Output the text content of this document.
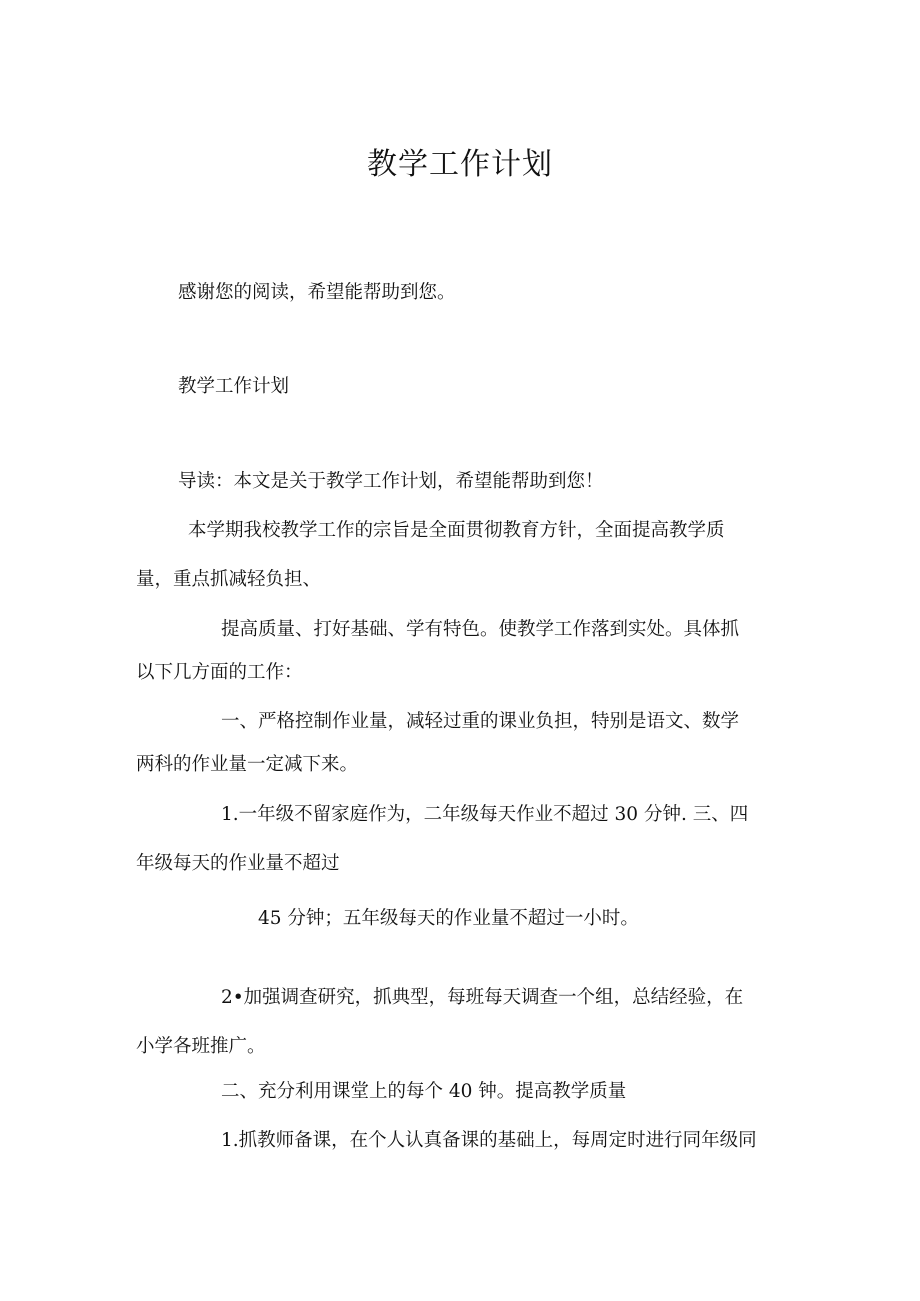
教学工作计划
感谢您的阅读，希望能帮助到您。
教学工作计划
导读：本文是关于教学工作计划，希望能帮助到您！
本学期我校教学工作的宗旨是全面贯彻教育方针，全面提高教学质
量，重点抓减轻负担、
提高质量、打好基础、学有特色。使教学工作落到实处。具体抓
以下几方面的工作：
一、严格控制作业量，减轻过重的课业负担，特别是语文、数学
两科的作业量一定减下来。
1.一年级不留家庭作为，二年级每天作业不超过 30 分钟. 三、四
年级每天的作业量不超过
45 分钟；五年级每天的作业量不超过一小时。
2•加强调查研究，抓典型，每班每天调查一个组，总结经验，在
小学各班推广。
二、充分利用课堂上的每个 40 钟。提高教学质量
1.抓教师备课，在个人认真备课的基础上，每周定时进行同年级同
